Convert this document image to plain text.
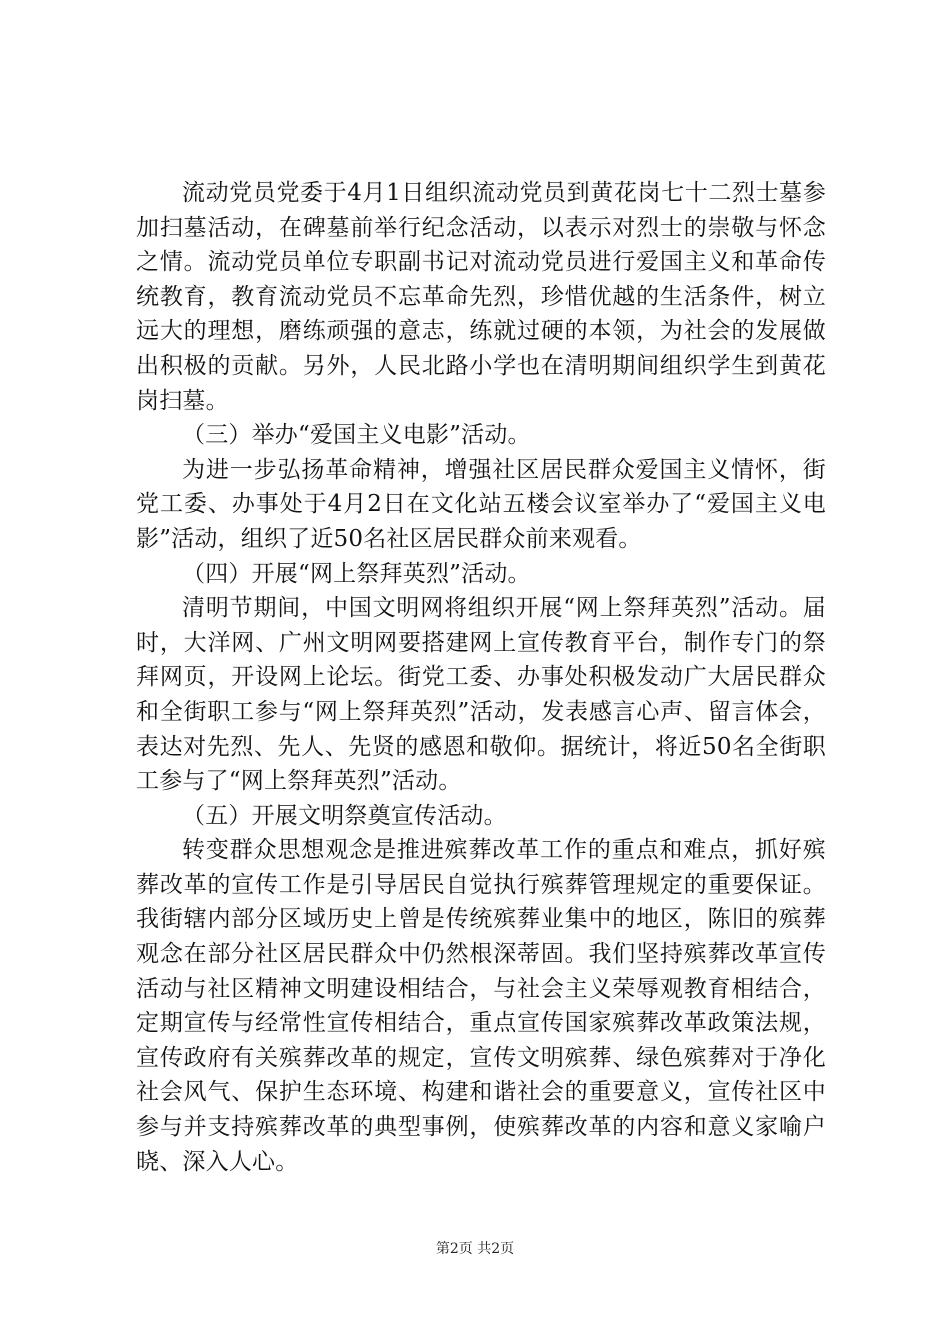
流动党员党委于4月1日组织流动党员到黄花岗七十二烈士墓参加扫墓活动，在碑墓前举行纪念活动，以表示对烈士的崇敬与怀念之情。流动党员单位专职副书记对流动党员进行爱国主义和革命传统教育，教育流动党员不忘革命先烈，珍惜优越的生活条件，树立远大的理想，磨练顽强的意志，练就过硬的本领，为社会的发展做出积极的贡献。另外，人民北路小学也在清明期间组织学生到黄花岗扫墓。

（三）举办“爱国主义电影”活动。

为进一步弘扬革命精神，增强社区居民群众爱国主义情怀，街党工委、办事处于4月2日在文化站五楼会议室举办了“爱国主义电影”活动，组织了近50名社区居民群众前来观看。

（四）开展“网上祭拜英烈”活动。

清明节期间，中国文明网将组织开展“网上祭拜英烈”活动。届时，大洋网、广州文明网要搭建网上宣传教育平台，制作专门的祭拜网页，开设网上论坛。街党工委、办事处积极发动广大居民群众和全街职工参与“网上祭拜英烈”活动，发表感言心声、留言体会，表达对先烈、先人、先贤的感恩和敬仰。据统计，将近50名全街职工参与了“网上祭拜英烈”活动。

（五）开展文明祭奠宣传活动。

转变群众思想观念是推进殡葬改革工作的重点和难点，抓好殡葬改革的宣传工作是引导居民自觉执行殡葬管理规定的重要保证。我街辖内部分区域历史上曾是传统殡葬业集中的地区，陈旧的殡葬观念在部分社区居民群众中仍然根深蒂固。我们坚持殡葬改革宣传活动与社区精神文明建设相结合，与社会主义荣辱观教育相结合，定期宣传与经常性宣传相结合，重点宣传国家殡葬改革政策法规，宣传政府有关殡葬改革的规定，宣传文明殡葬、绿色殡葬对于净化社会风气、保护生态环境、构建和谐社会的重要意义，宣传社区中参与并支持殡葬改革的典型事例，使殡葬改革的内容和意义家喻户晓、深入人心。

第2页 共2页
